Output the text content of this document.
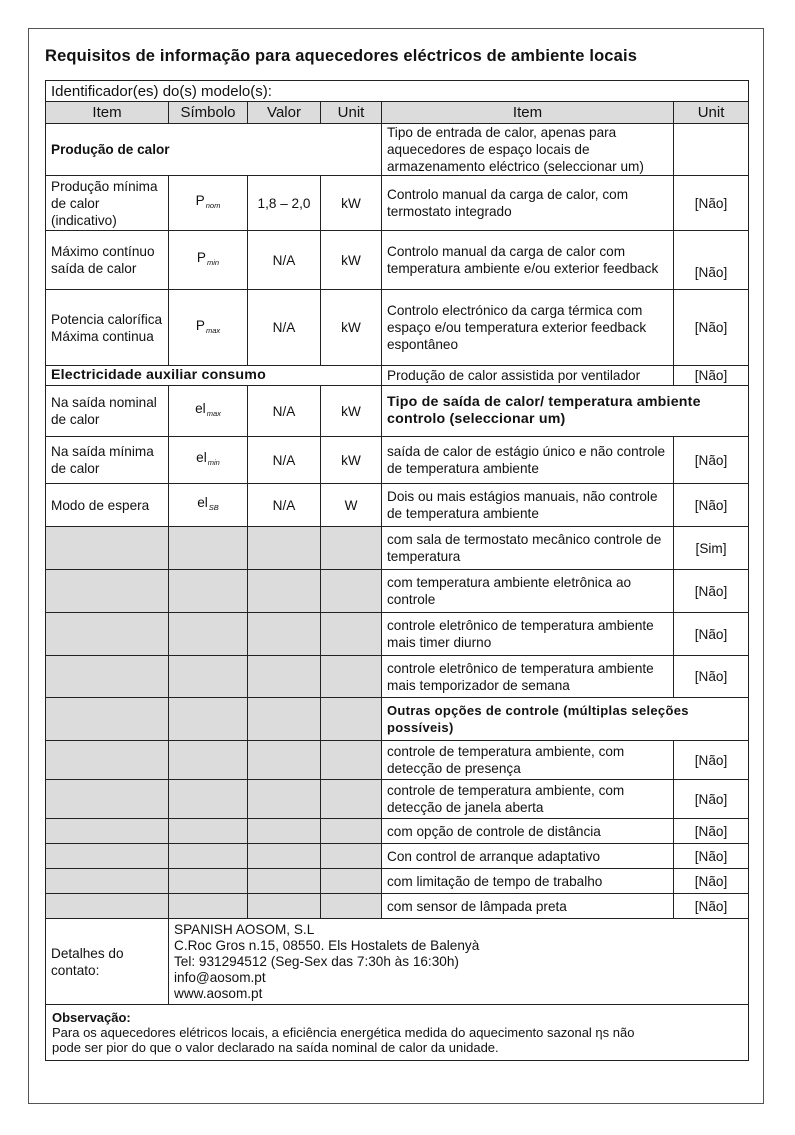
Requisitos de informação para aquecedores eléctricos de ambiente locais
Identificador(es) do(s) modelo(s):					
Item	Símbolo	Valor	Unit	Item	Unit
Produção de calor				Tipo de entrada de calor, apenas para aquecedores de espaço locais de armazenamento eléctrico (seleccionar um)	
Produção mínima de calor (indicativo)	$P_{nom}$	1,8 – 2,0	kW	Controlo manual da carga de calor, com termostato integrado	[Não]
Máximo contínuo saída de calor	$P_{min}$	N/A	kW	Controlo manual da carga de calor com temperatura ambiente e/ou exterior feedback	[Não]
Potencia calorífica Máxima continua	$P_{max}$	N/A	kW	Controlo electrónico da carga térmica com espaço e/ou temperatura exterior feedback espontâneo	[Não]
Electricidade auxiliar consumo				Produção de calor assistida por ventilador	[Não]
Na saída nominal de calor	$el_{max}$	N/A	kW	Tipo de saída de calor/ temperatura ambiente controlo (seleccionar um)	
Na saída mínima de calor	$el_{min}$	N/A	kW	saída de calor de estágio único e não controle de temperatura ambiente	[Não]
Modo de espera	$el_{SB}$	N/A	W	Dois ou mais estágios manuais, não controle de temperatura ambiente	[Não]
				com sala de termostato mecânico controle de temperatura	[Sim]
				com temperatura ambiente eletrônica ao controle	[Não]
				controle eletrônico de temperatura ambiente mais timer diurno	[Não]
				controle eletrônico de temperatura ambiente mais temporizador de semana	[Não]
				Outras opções de controle (múltiplas seleções possíveis)	
				controle de temperatura ambiente, com detecção de presença	[Não]
				controle de temperatura ambiente, com detecção de janela aberta	[Não]
				com opção de controle de distância	[Não]
				Con control de arranque adaptativo	[Não]
				com limitação de tempo de trabalho	[Não]
				com sensor de lâmpada preta	[Não]
Detalhes do contato:	SPANISH AOSOM, S.L
C.Roc Gros n.15, 08550. Els Hostalets de Balenyà
Tel: 931294512 (Seg-Sex das 7:30h às 16:30h)
info@aosom.pt
www.aosom.pt				

Observação:
Para os aquecedores elétricos locais, a eficiência energética medida do aquecimento sazonal ηs não
pode ser pior do que o valor declarado na saída nominal de calor da unidade.					
